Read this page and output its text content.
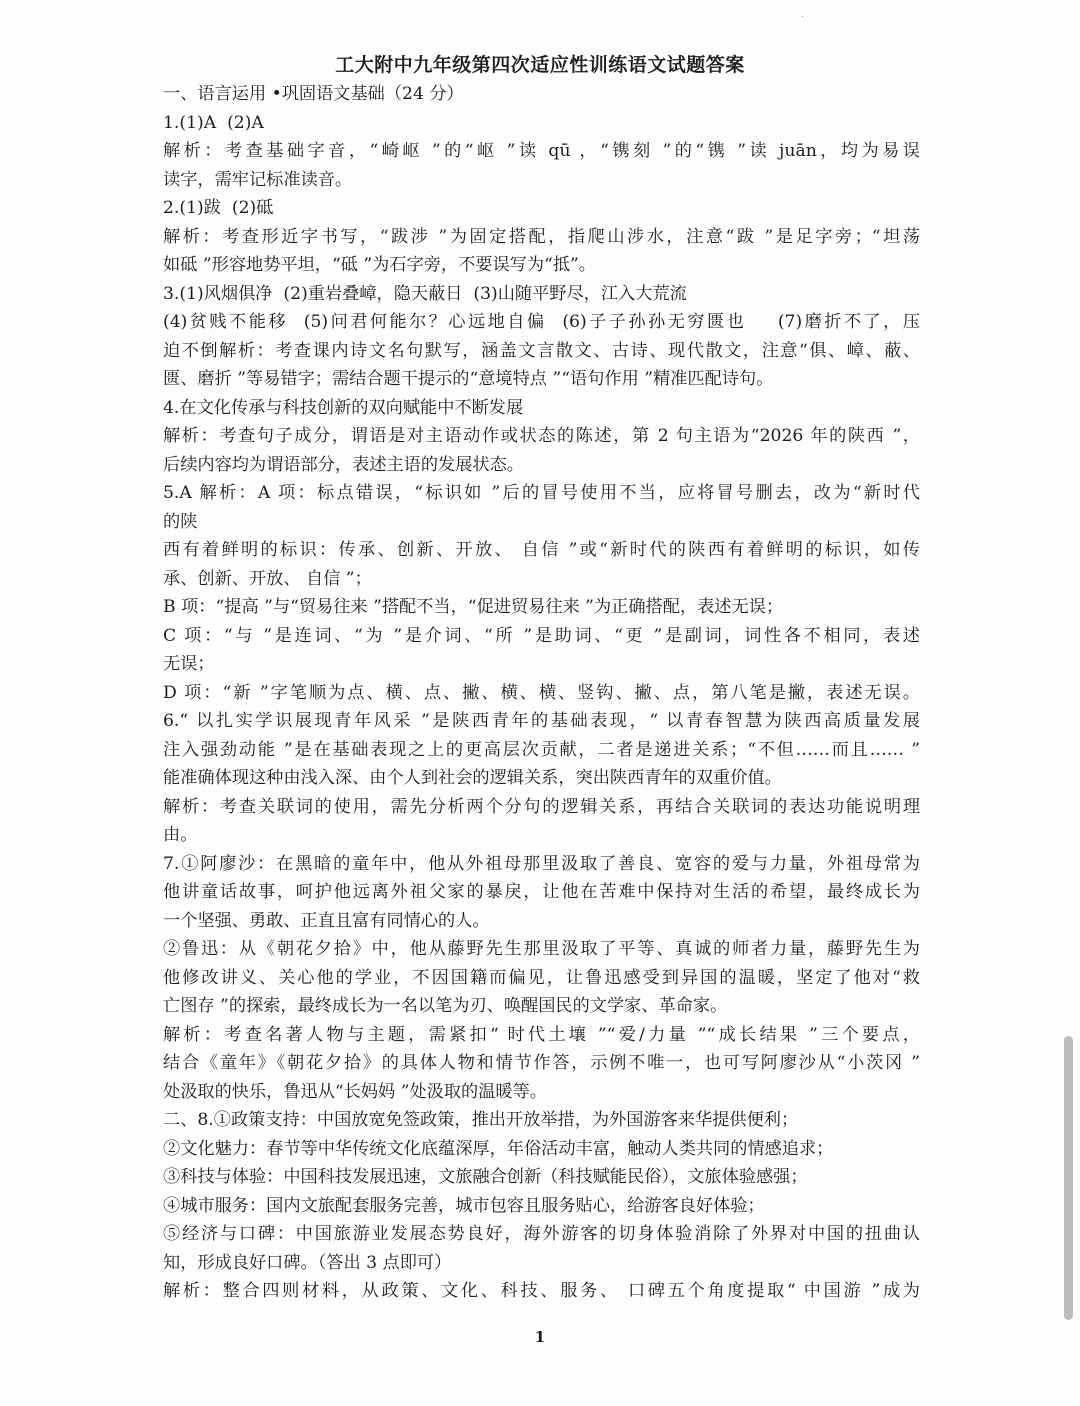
·
工大附中九年级第四次适应性训练语文试题答案
一、语言运用 •巩固语文基础（24 分）
1.(1)A  (2)A
解析：考查基础字音，“崎岖 ”的“岖 ”读 qū ，“镌刻 ”的“镌 ”读 juān，均为易误
读字，需牢记标准读音。
2.(1)跋  (2)砥
解析：考查形近字书写，“跋涉 ”为固定搭配，指爬山涉水，注意“跋 ”是足字旁；“坦荡
如砥 ”形容地势平坦，“砥 ”为石字旁，不要误写为“抵”。
3.(1)风烟俱净  (2)重岩叠嶂，隐天蔽日  (3)山随平野尽，江入大荒流
(4)贫贱不能移  (5)问君何能尔？心远地自偏  (6)子子孙孙无穷匮也    (7)磨折不了，压
迫不倒解析：考查课内诗文名句默写，涵盖文言散文、古诗、现代散文，注意“俱、嶂、蔽、
匮、磨折 ”等易错字；需结合题干提示的“意境特点 ”“语句作用 ”精准匹配诗句。
4.在文化传承与科技创新的双向赋能中不断发展
解析：考查句子成分，谓语是对主语动作或状态的陈述，第 2 句主语为“2026 年的陕西 ”，
后续内容均为谓语部分，表述主语的发展状态。
5.A 解析：A 项：标点错误，“标识如 ”后的冒号使用不当，应将冒号删去，改为“新时代
的陕
西有着鲜明的标识：传承、创新、开放、 自信 ”或“新时代的陕西有着鲜明的标识，如传
承、创新、开放、 自信 ”；
B 项：“提高 ”与“贸易往来 ”搭配不当，“促进贸易往来 ”为正确搭配，表述无误；
C 项：“与 ”是连词、“为 ”是介词、“所 ”是助词、“更 ”是副词，词性各不相同，表述
无误；
D 项：“新 ”字笔顺为点、横、点、撇、横、横、竖钩、撇、点，第八笔是撇，表述无误。
6.“ 以扎实学识展现青年风采 ”是陕西青年的基础表现，“ 以青春智慧为陕西高质量发展
注入强劲动能 ”是在基础表现之上的更高层次贡献，二者是递进关系；“不但……而且…… ”
能准确体现这种由浅入深、由个人到社会的逻辑关系，突出陕西青年的双重价值。
解析：考查关联词的使用，需先分析两个分句的逻辑关系，再结合关联词的表达功能说明理
由。
7.①阿廖沙：在黑暗的童年中，他从外祖母那里汲取了善良、宽容的爱与力量，外祖母常为
他讲童话故事，呵护他远离外祖父家的暴戾，让他在苦难中保持对生活的希望，最终成长为
一个坚强、勇敢、正直且富有同情心的人。
②鲁迅：从《朝花夕拾》中，他从藤野先生那里汲取了平等、真诚的师者力量，藤野先生为
他修改讲义、关心他的学业，不因国籍而偏见，让鲁迅感受到异国的温暖，坚定了他对“救
亡图存 ”的探索，最终成长为一名以笔为刃、唤醒国民的文学家、革命家。
解析：考查名著人物与主题，需紧扣“ 时代土壤 ”“爱/力量 ”“成长结果 ”三个要点，
结合《童年》《朝花夕拾》的具体人物和情节作答，示例不唯一，也可写阿廖沙从“小茨冈 ”
处汲取的快乐，鲁迅从“长妈妈 ”处汲取的温暖等。
二、8.①政策支持：中国放宽免签政策，推出开放举措，为外国游客来华提供便利；
②文化魅力：春节等中华传统文化底蕴深厚，年俗活动丰富，触动人类共同的情感追求；
③科技与体验：中国科技发展迅速，文旅融合创新（科技赋能民俗），文旅体验感强；
④城市服务：国内文旅配套服务完善，城市包容且服务贴心，给游客良好体验；
⑤经济与口碑：中国旅游业发展态势良好，海外游客的切身体验消除了外界对中国的扭曲认
知，形成良好口碑。（答出 3 点即可）
解析：整合四则材料，从政策、文化、科技、服务、 口碑五个角度提取“ 中国游 ”成为
1
